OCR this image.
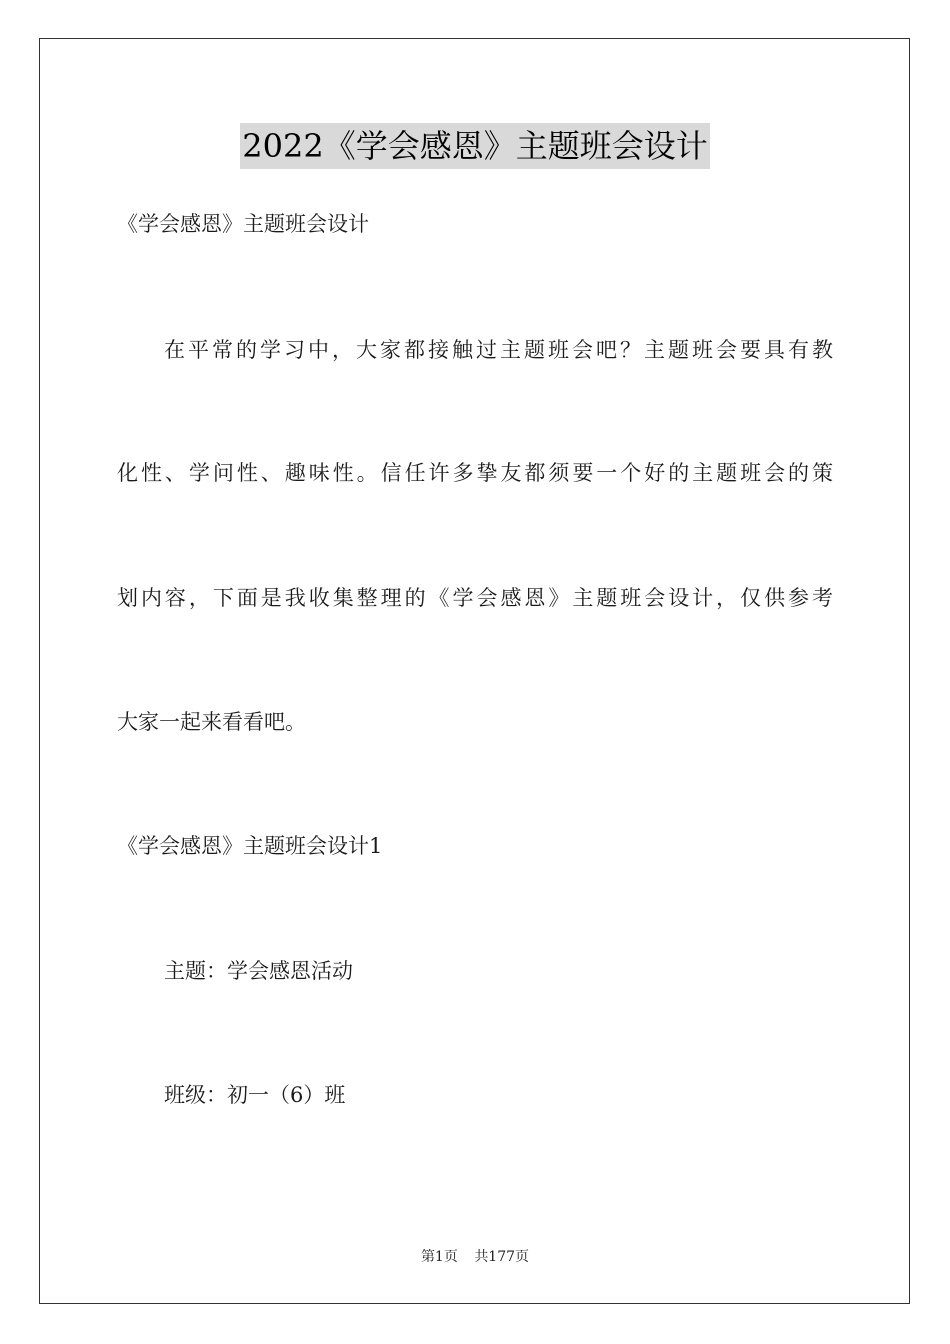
2022《学会感恩》主题班会设计
《学会感恩》主题班会设计
在平常的学习中，大家都接触过主题班会吧？主题班会要具有教
化性、学问性、趣味性。信任许多挚友都须要一个好的主题班会的策
划内容，下面是我收集整理的《学会感恩》主题班会设计，仅供参考
大家一起来看看吧。
《学会感恩》主题班会设计1
主题：学会感恩活动
班级：初一（6）班
第1页 共177页
